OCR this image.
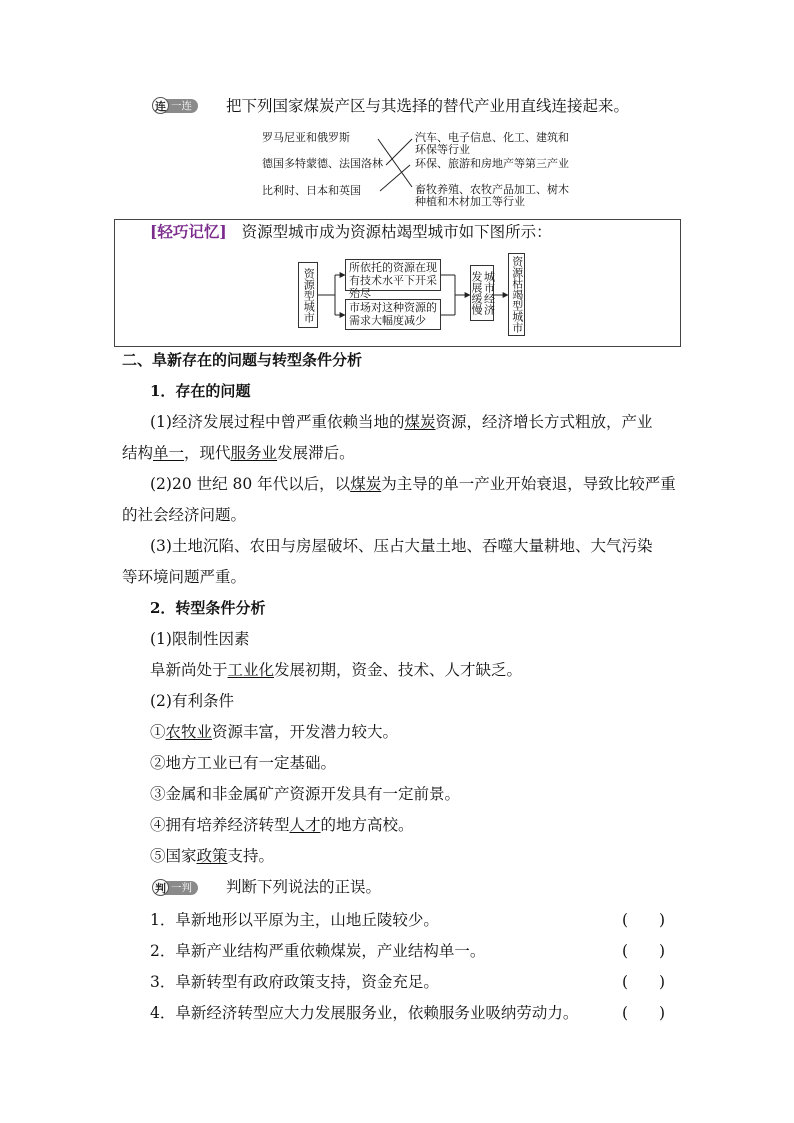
连 一连	把下列国家煤炭产区与其选择的替代产业用直线连接起来。
罗马尼亚和俄罗斯
德国多特蒙德、法国洛林
比利时、日本和英国
汽车、电子信息、化工、建筑和
环保等行业
环保、旅游和房地产等第三产业
畜牧养殖、农牧产品加工、树木
种植和木材加工等行业
[轻巧记忆] 资源型城市成为资源枯竭型城市如下图所示：
资源型城市	所依托的资源在现有技术水平下开采殆尽
市场对这种资源的需求大幅度减少
城市经济发展缓慢	资源枯竭型城市
二、阜新存在的问题与转型条件分析
1．存在的问题
(1)经济发展过程中曾严重依赖当地的煤炭资源，经济增长方式粗放，产业
结构单一，现代服务业发展滞后。
(2)20 世纪 80 年代以后，以煤炭为主导的单一产业开始衰退，导致比较严重
的社会经济问题。
(3)土地沉陷、农田与房屋破坏、压占大量土地、吞噬大量耕地、大气污染
等环境问题严重。
2．转型条件分析
(1)限制性因素
阜新尚处于工业化发展初期，资金、技术、人才缺乏。
(2)有利条件
①农牧业资源丰富，开发潜力较大。
②地方工业已有一定基础。
③金属和非金属矿产资源开发具有一定前景。
④拥有培养经济转型人才的地方高校。
⑤国家政策支持。
判 一判	判断下列说法的正误。
1．阜新地形以平原为主，山地丘陵较少。	(　　)
2．阜新产业结构严重依赖煤炭，产业结构单一。	(　　)
3．阜新转型有政府政策支持，资金充足。	(　　)
4．阜新经济转型应大力发展服务业，依赖服务业吸纳劳动力。	(　　)
